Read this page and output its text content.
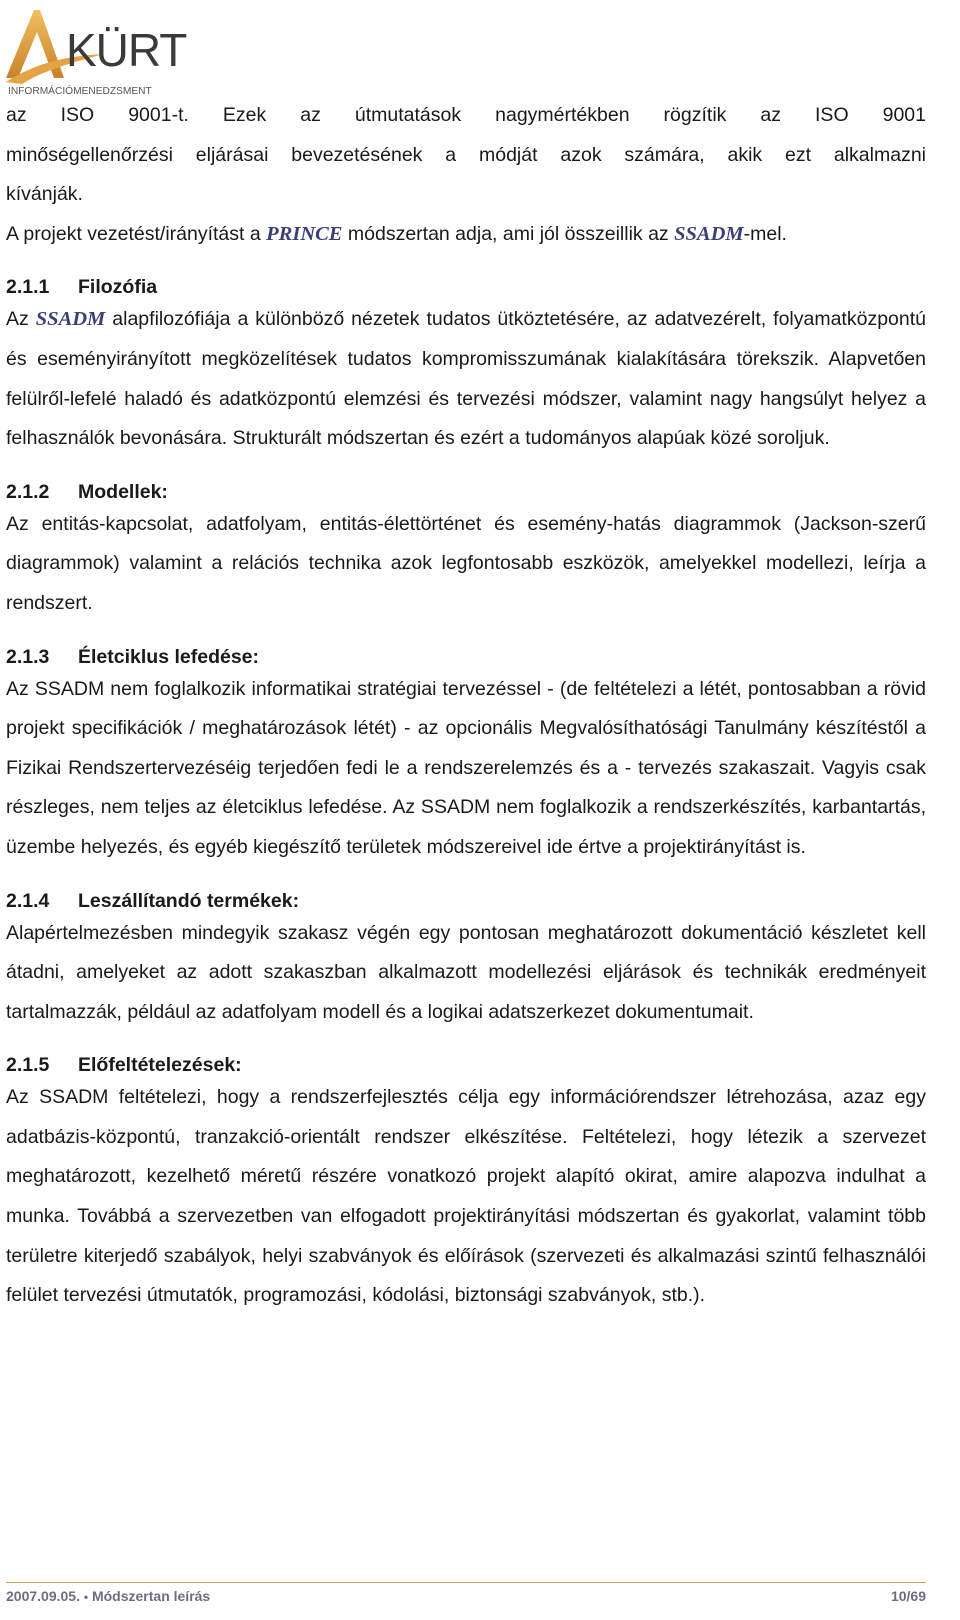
KÜRT
INFORMÁCIÓMENEDZSMENT

az ISO 9001-t. Ezek az útmutatások nagymértékben rögzítik az ISO 9001

minőségellenőrzési eljárásai bevezetésének a módját azok számára, akik ezt alkalmazni

kívánják.

A projekt vezetést/irányítást a PRINCE módszertan adja, ami jól összeillik az SSADM-mel.

2.1.1	Filozófia

Az SSADM alapfilozófiája a különböző nézetek tudatos ütköztetésére, az adatvezérelt, folyamatközpontú és eseményirányított megközelítések tudatos kompromisszumának kialakítására törekszik. Alapvetően felülről-lefelé haladó és adatközpontú elemzési és tervezési módszer, valamint nagy hangsúlyt helyez a felhasználók bevonására. Strukturált módszertan és ezért a tudományos alapúak közé soroljuk.

2.1.2	Modellek:

Az entitás-kapcsolat, adatfolyam, entitás-élettörténet és esemény-hatás diagrammok (Jackson-szerű diagrammok) valamint a relációs technika azok legfontosabb eszközök, amelyekkel modellezi, leírja a rendszert.

2.1.3	Életciklus lefedése:

Az SSADM nem foglalkozik informatikai stratégiai tervezéssel - (de feltételezi a létét, pontosabban a rövid projekt specifikációk / meghatározások létét) - az opcionális Megvalósíthatósági Tanulmány készítéstől a Fizikai Rendszertervezéséig terjedően fedi le a rendszerelemzés és a - tervezés szakaszait. Vagyis csak részleges, nem teljes az életciklus lefedése. Az SSADM nem foglalkozik a rendszerkészítés, karbantartás, üzembe helyezés, és egyéb kiegészítő területek módszereivel ide értve a projektirányítást is.

2.1.4	Leszállítandó termékek:

Alapértelmezésben mindegyik szakasz végén egy pontosan meghatározott dokumentáció készletet kell átadni, amelyeket az adott szakaszban alkalmazott modellezési eljárások és technikák eredményeit tartalmazzák, például az adatfolyam modell és a logikai adatszerkezet dokumentumait.

2.1.5	Előfeltételezések:

Az SSADM feltételezi, hogy a rendszerfejlesztés célja egy információrendszer létrehozása, azaz egy adatbázis-központú, tranzakció-orientált rendszer elkészítése. Feltételezi, hogy létezik a szervezet meghatározott, kezelhető méretű részére vonatkozó projekt alapító okirat, amire alapozva indulhat a munka. Továbbá a szervezetben van elfogadott projektirányítási módszertan és gyakorlat, valamint több területre kiterjedő szabályok, helyi szabványok és előírások (szervezeti és alkalmazási szintű felhasználói felület tervezési útmutatók, programozási, kódolási, biztonsági szabványok, stb.).

2007.09.05. • Módszertan leírás	10/69
